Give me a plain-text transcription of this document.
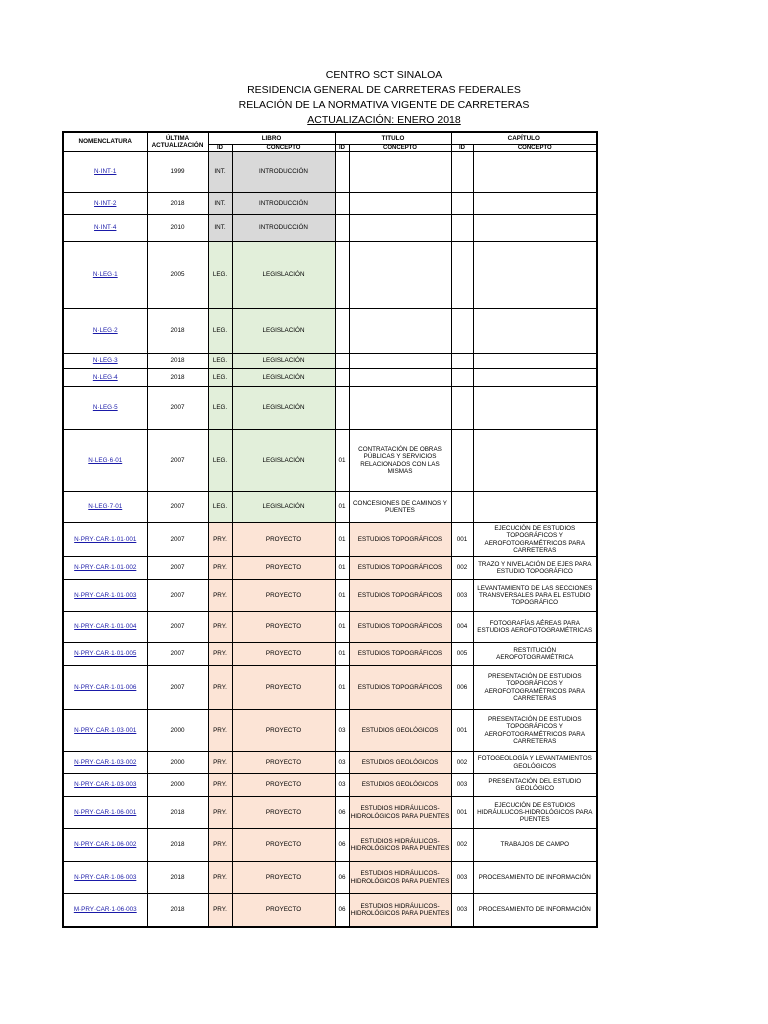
CENTRO SCT SINALOA
RESIDENCIA GENERAL DE CARRETERAS FEDERALES
RELACIÓN DE LA NORMATIVA VIGENTE DE CARRETERAS
ACTUALIZACIÓN: ENERO 2018
NOMENCLATURA	ÚLTIMA ACTUALIZACIÓN	LIBRO		TITULO		CAPÍTULO	
		ID	CONCEPTO	ID	CONCEPTO	ID	CONCEPTO
N·INT·1	1999	INT.	INTRODUCCIÓN				
N·INT·2	2018	INT.	INTRODUCCIÓN				
N·INT·4	2010	INT.	INTRODUCCIÓN				
N·LEG·1	2005	LEG.	LEGISLACIÓN				
N·LEG·2	2018	LEG.	LEGISLACIÓN				
N·LEG·3	2018	LEG.	LEGISLACIÓN				
N·LEG·4	2018	LEG.	LEGISLACIÓN				
N·LEG·5	2007	LEG.	LEGISLACIÓN				
N·LEG·6·01	2007	LEG.	LEGISLACIÓN	01	CONTRATACIÓN DE OBRAS PÚBLICAS Y SERVICIOS RELACIONADOS CON LAS MISMAS		
N·LEG·7·01	2007	LEG.	LEGISLACIÓN	01	CONCESIONES DE CAMINOS Y PUENTES		
N·PRY·CAR·1·01·001	2007	PRY.	PROYECTO	01	ESTUDIOS TOPOGRÁFICOS	001	EJECUCIÓN DE ESTUDIOS TOPOGRÁFICOS Y AEROFOTOGRAMÉTRICOS PARA CARRETERAS
N·PRY·CAR·1·01·002	2007	PRY.	PROYECTO	01	ESTUDIOS TOPOGRÁFICOS	002	TRAZO Y NIVELACIÓN DE EJES PARA ESTUDIO TOPOGRÁFICO
N·PRY·CAR·1·01·003	2007	PRY.	PROYECTO	01	ESTUDIOS TOPOGRÁFICOS	003	LEVANTAMIENTO DE LAS SECCIONES TRANSVERSALES PARA EL ESTUDIO TOPOGRÁFICO
N·PRY·CAR·1·01·004	2007	PRY.	PROYECTO	01	ESTUDIOS TOPOGRÁFICOS	004	FOTOGRAFÍAS AÉREAS PARA ESTUDIOS AEROFOTOGRAMÉTRICAS
N·PRY·CAR·1·01·005	2007	PRY.	PROYECTO	01	ESTUDIOS TOPOGRÁFICOS	005	RESTITUCIÓN AEROFOTOGRAMÉTRICA
N·PRY·CAR·1·01·006	2007	PRY.	PROYECTO	01	ESTUDIOS TOPOGRÁFICOS	006	PRESENTACIÓN DE ESTUDIOS TOPOGRÁFICOS Y AEROFOTOGRAMÉTRICOS PARA CARRETERAS
N·PRY·CAR·1·03·001	2000	PRY.	PROYECTO	03	ESTUDIOS GEOLÓGICOS	001	PRESENTACIÓN DE ESTUDIOS TOPOGRÁFICOS Y AEROFOTOGRAMÉTRICOS PARA CARRETERAS
N·PRY·CAR·1·03·002	2000	PRY.	PROYECTO	03	ESTUDIOS GEOLÓGICOS	002	FOTOGEOLOGÍA Y LEVANTAMIENTOS GEOLÓGICOS
N·PRY·CAR·1·03·003	2000	PRY.	PROYECTO	03	ESTUDIOS GEOLÓGICOS	003	PRESENTACIÓN DEL ESTUDIO GEOLÓGICO
N·PRY·CAR·1·06·001	2018	PRY.	PROYECTO	06	ESTUDIOS HIDRÁULICOS-HIDROLÓGICOS PARA PUENTES	001	EJECUCIÓN DE ESTUDIOS HIDRÁULUCOS-HIDROLÓGICOS PARA PUENTES
N·PRY·CAR·1·06·002	2018	PRY.	PROYECTO	06	ESTUDIOS HIDRÁULICOS-HIDROLÓGICOS PARA PUENTES	002	TRABAJOS DE CAMPO
N·PRY·CAR·1·06·003	2018	PRY.	PROYECTO	06	ESTUDIOS HIDRÁULICOS-HIDROLÓGICOS PARA PUENTES	003	PROCESAMIENTO DE INFORMACIÓN
M·PRY·CAR·1·06·003	2018	PRY.	PROYECTO	06	ESTUDIOS HIDRÁULICOS-HIDROLÓGICOS PARA PUENTES	003	PROCESAMIENTO DE INFORMACIÓN
